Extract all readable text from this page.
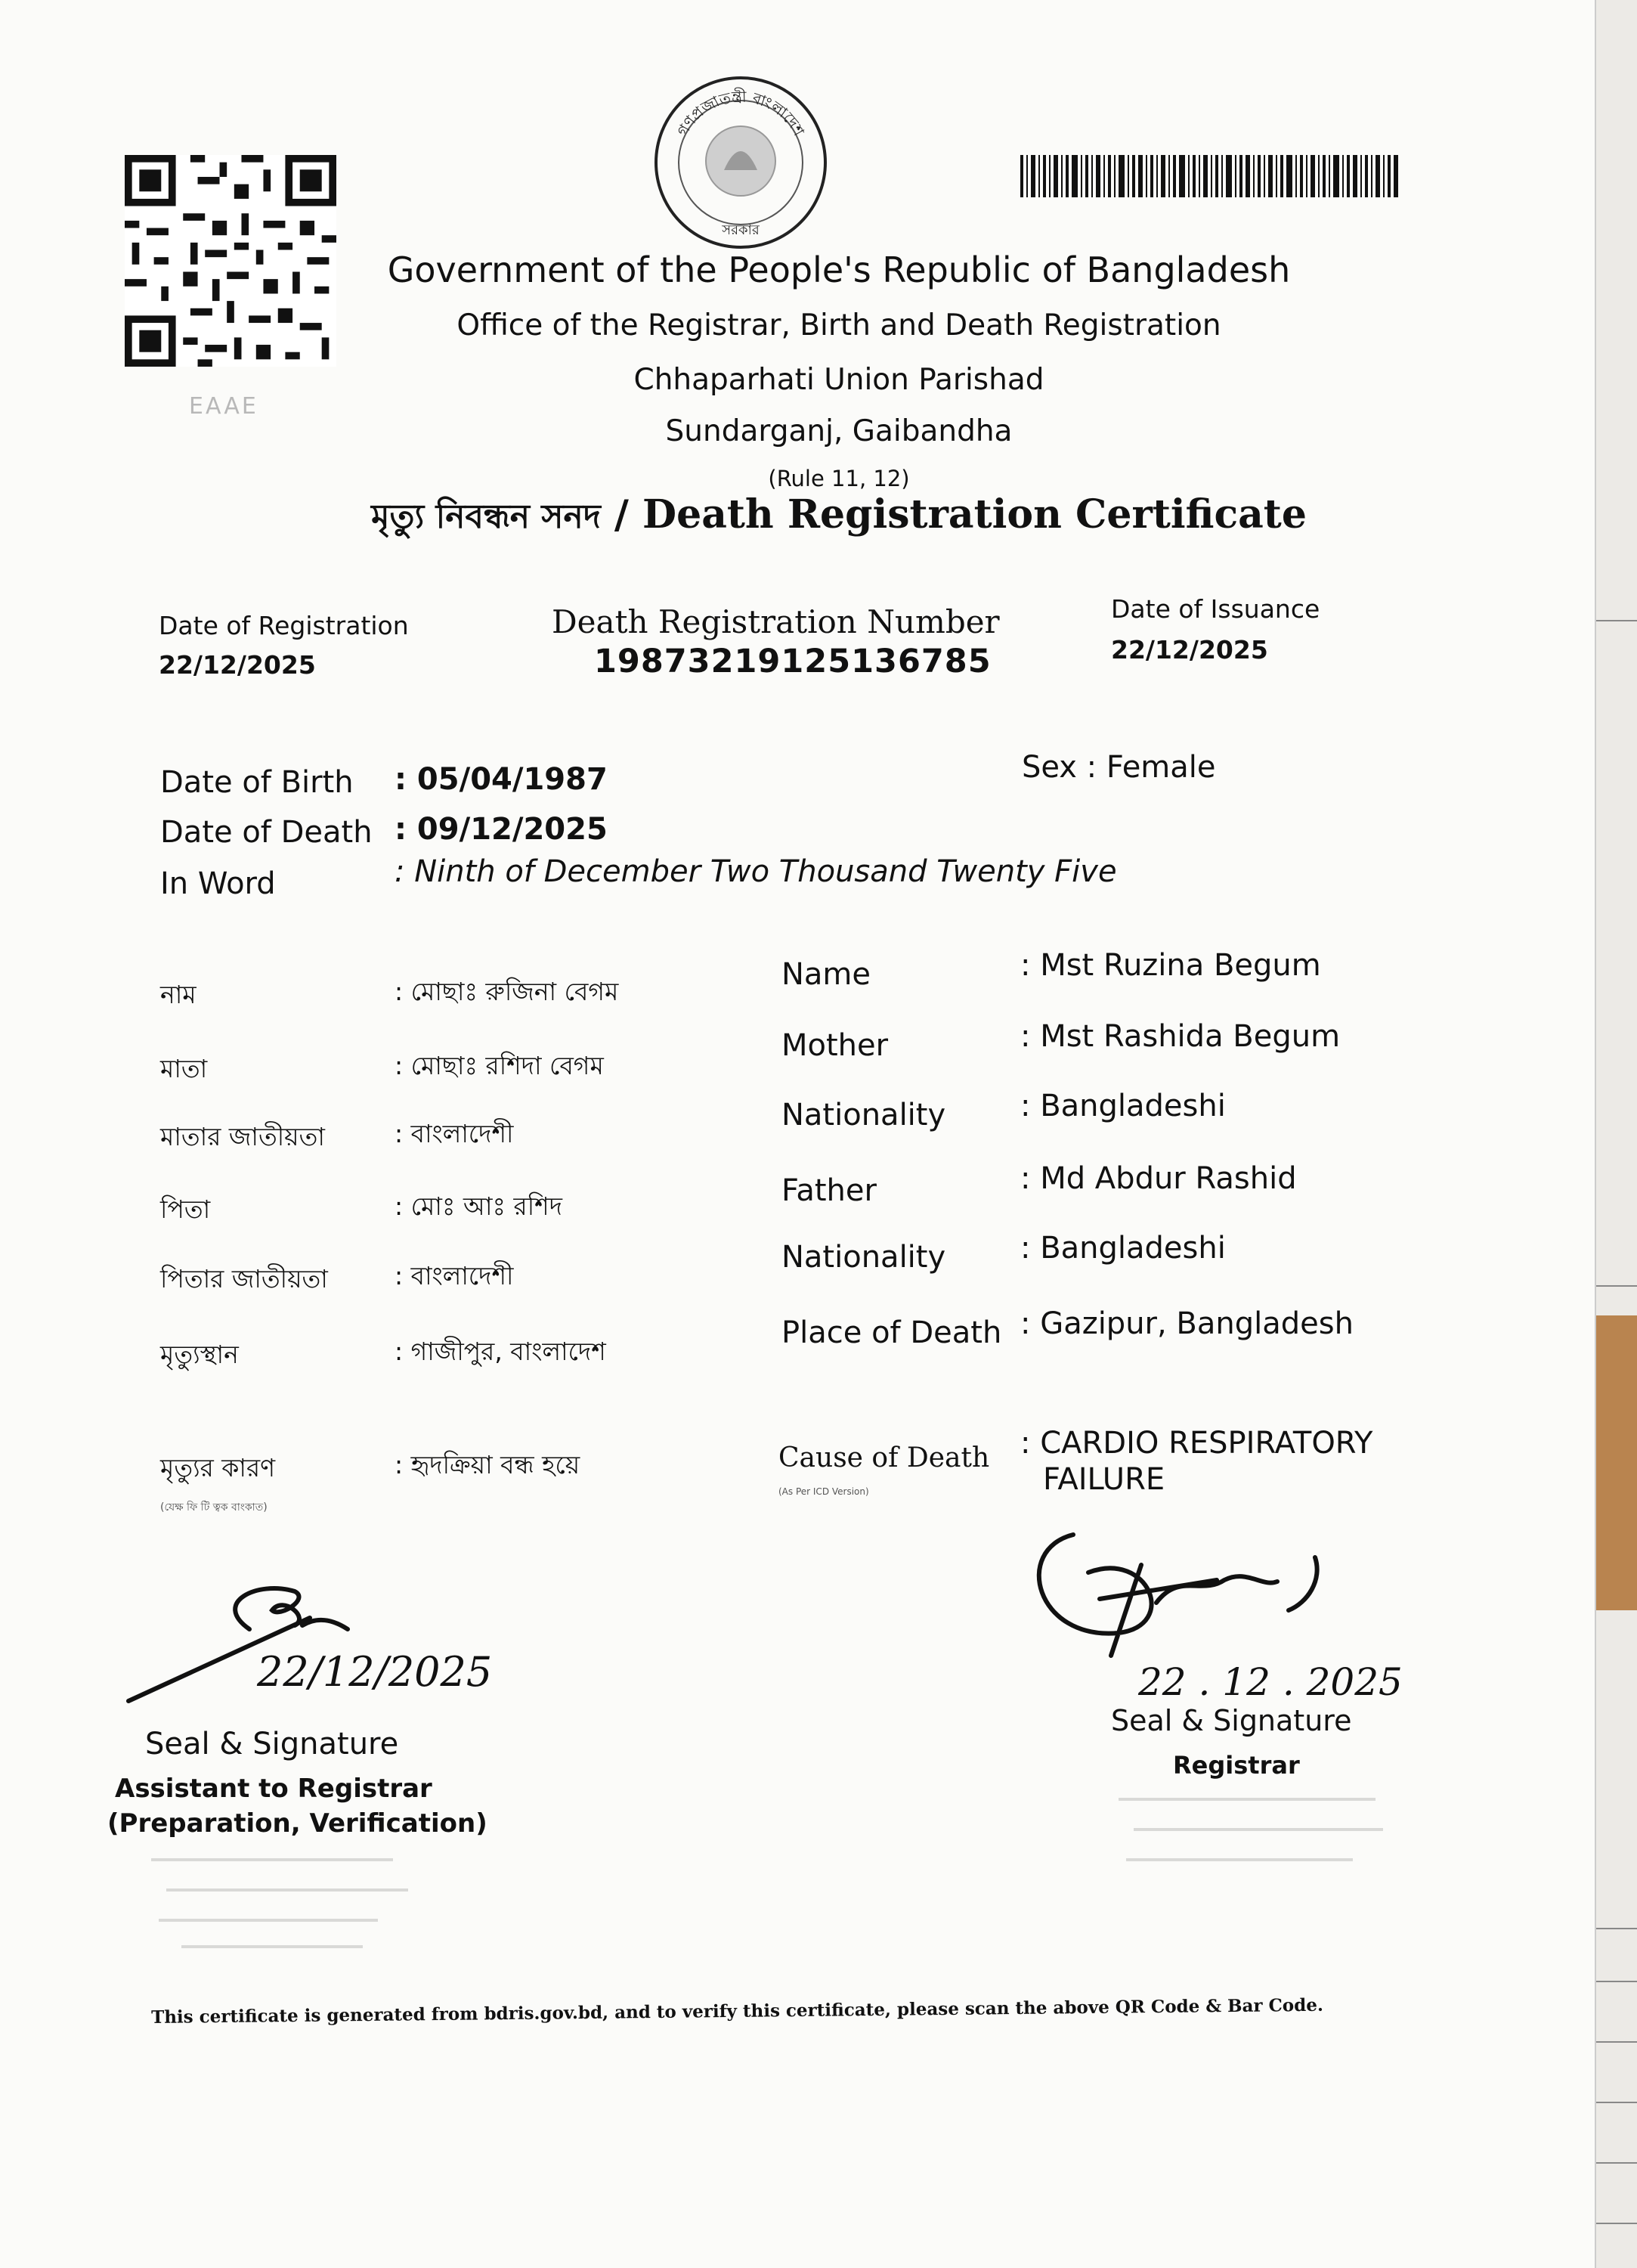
EAAE
গণপ্রজাতন্ত্রী বাংলাদেশ
সরকার
Government of the People's Republic of Bangladesh
Office of the Registrar, Birth and Death Registration
Chhaparhati Union Parishad
Sundarganj, Gaibandha
(Rule 11, 12)
মৃত্যু নিবন্ধন সনদ / Death Registration Certificate
Date of Registration
22/12/2025
Death Registration Number
19873219125136785
Date of Issuance
22/12/2025
Date of Birth : 05/04/1987
Date of Death : 09/12/2025
In Word	: Ninth of December Two Thousand Twenty Five
Sex : Female
নাম	: মোছাঃ রুজিনা বেগম
মাতা	: মোছাঃ রশিদা বেগম
মাতার জাতীয়তা	: বাংলাদেশী
পিতা	: মোঃ আঃ রশিদ
পিতার জাতীয়তা	: বাংলাদেশী
মৃত্যুস্থান	: গাজীপুর, বাংলাদেশ
মৃত্যুর কারণ	: হৃদক্রিয়া বন্ধ হয়ে
(যেক্ষ ফি টি ত্বক বাংকাত)
Name	: Mst Ruzina Begum
Mother	: Mst Rashida Begum
Nationality : Bangladeshi
Father	: Md Abdur Rashid
Nationality : Bangladeshi
Place of Death : Gazipur, Bangladesh
Cause of Death
(As Per ICD Version)
: CARDIO RESPIRATORY
FAILURE
22/12/2025
Seal & Signature
Assistant to Registrar
(Preparation, Verification)
22 . 12 . 2025
Seal & Signature
Registrar
This certificate is generated from bdris.gov.bd, and to verify this certificate, please scan the above QR Code & Bar Code.
